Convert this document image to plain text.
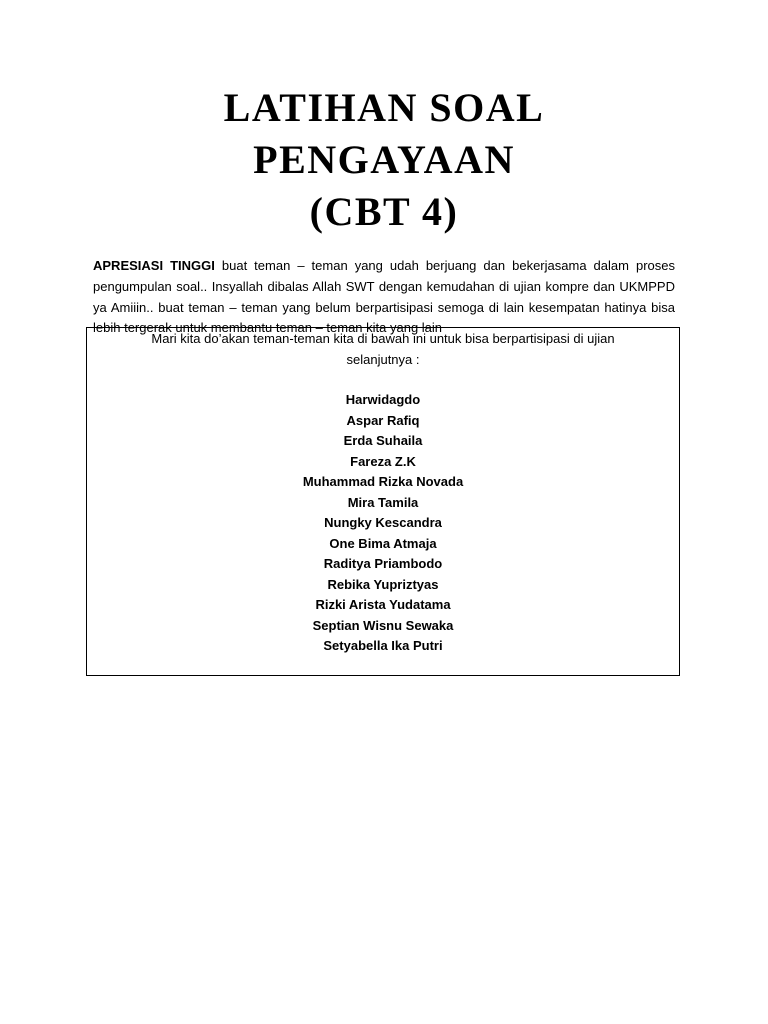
LATIHAN SOAL
PENGAYAAN
(CBT 4)

APRESIASI TINGGI buat teman – teman yang udah berjuang dan bekerjasama dalam proses pengumpulan soal.. Insyallah dibalas Allah SWT dengan kemudahan di ujian kompre dan UKMPPD ya Amiiin.. buat teman – teman yang belum berpartisipasi semoga di lain kesempatan hatinya bisa lebih tergerak untuk membantu teman – teman kita yang lain

Mari kita do’akan teman-teman kita di bawah ini untuk bisa berpartisipasi di ujian selanjutnya :
Harwidagdo
Aspar Rafiq
Erda Suhaila
Fareza Z.K
Muhammad Rizka Novada
Mira Tamila
Nungky Kescandra
One Bima Atmaja
Raditya Priambodo
Rebika Yupriztyas
Rizki Arista Yudatama
Septian Wisnu Sewaka
Setyabella Ika Putri
